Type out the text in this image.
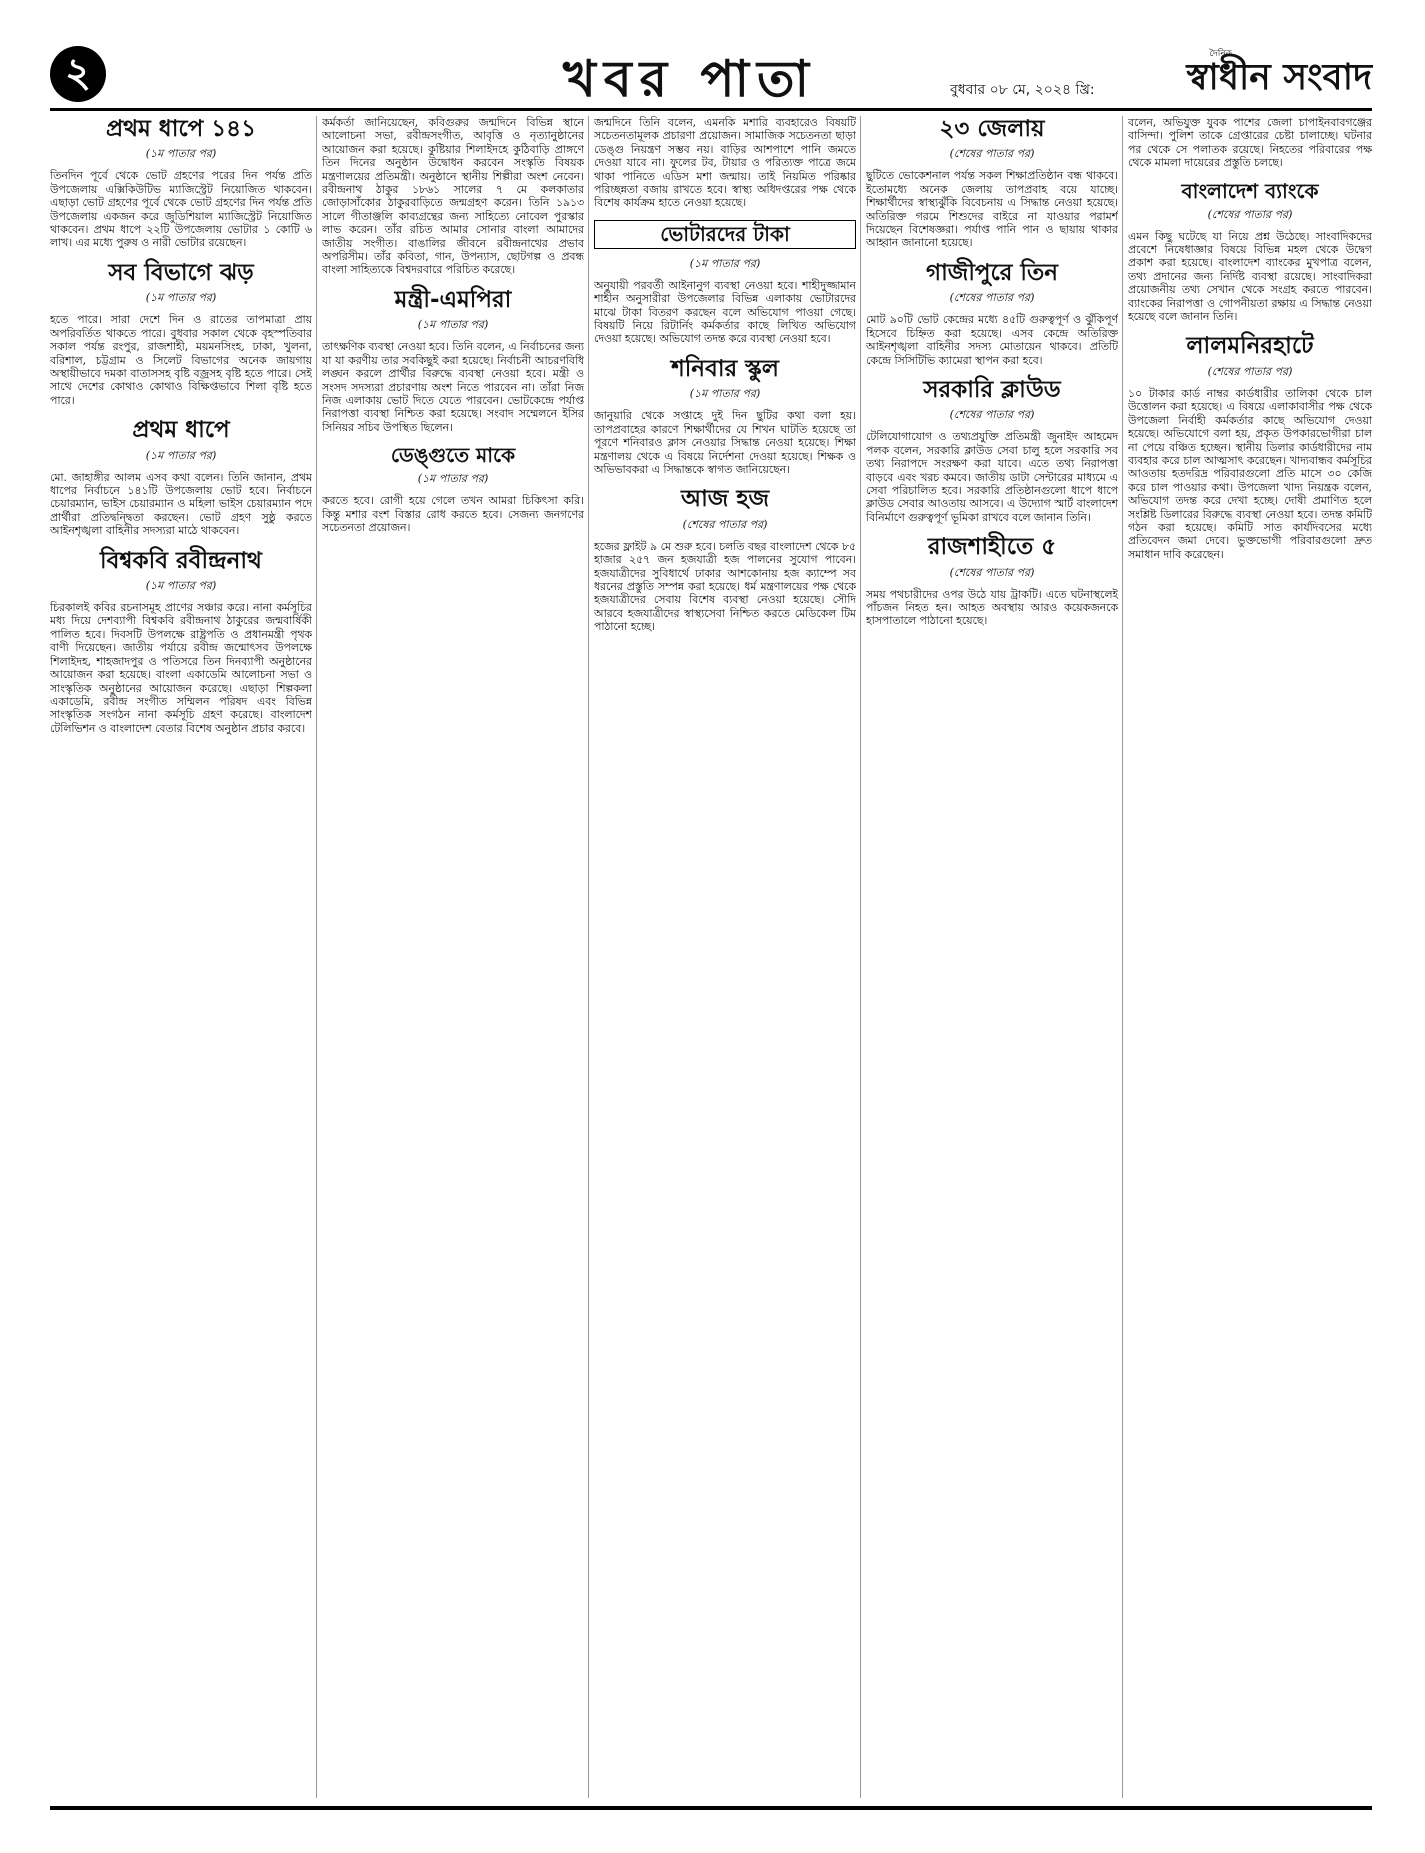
২	খবর পাতা	বুধবার ০৮ মে, ২০২৪ খ্রি:
দৈনিক
স্বাধীন সংবাদ
প্রথম ধাপে ১৪১
(১ম পাতার পর)
তিনদিন পূর্বে থেকে ভোট গ্রহণের পরের দিন পর্যন্ত প্রতি উপজেলায় এক্সিকিউটিভ ম্যাজিস্ট্রেট নিয়োজিত থাকবেন। এছাড়া ভোট গ্রহণের পূর্বে থেকে ভোট গ্রহণের দিন পর্যন্ত প্রতি উপজেলায় একজন করে জুডিশিয়াল ম্যাজিস্ট্রেট নিয়োজিত থাকবেন। প্রথম ধাপে ২২টি উপজেলায় ভোটার ১ কোটি ৬ লাখ। এর মধ্যে পুরুষ ও নারী ভোটার রয়েছেন।
সব বিভাগে ঝড়
(১ম পাতার পর)
হতে পারে। সারা দেশে দিন ও রাতের তাপমাত্রা প্রায় অপরিবর্তিত থাকতে পারে। বুধবার সকাল থেকে বৃহস্পতিবার সকাল পর্যন্ত রংপুর, রাজশাহী, ময়মনসিংহ, ঢাকা, খুলনা, বরিশাল, চট্টগ্রাম ও সিলেট বিভাগের অনেক জায়গায় অস্থায়ীভাবে দমকা বাতাসসহ বৃষ্টি বজ্রসহ বৃষ্টি হতে পারে। সেই সাথে দেশের কোথাও কোথাও বিক্ষিপ্তভাবে শিলা বৃষ্টি হতে পারে।
প্রথম ধাপে
(১ম পাতার পর)
মো. জাহাঙ্গীর আলম এসব কথা বলেন। তিনি জানান, প্রথম ধাপের নির্বাচনে ১৪১টি উপজেলায় ভোট হবে। নির্বাচনে চেয়ারম্যান, ভাইস চেয়ারম্যান ও মহিলা ভাইস চেয়ারম্যান পদে প্রার্থীরা প্রতিদ্বন্দ্বিতা করছেন। ভোট গ্রহণ সুষ্ঠু করতে আইনশৃঙ্খলা বাহিনীর সদস্যরা মাঠে থাকবেন।
বিশ্বকবি রবীন্দ্রনাথ
(১ম পাতার পর)
চিরকালই কবির রচনাসমূহ প্রাণের সঞ্চার করে। নানা কর্মসূচির মধ্য দিয়ে দেশব্যাপী বিশ্বকবি রবীন্দ্রনাথ ঠাকুরের জন্মবার্ষিকী পালিত হবে। দিবসটি উপলক্ষে রাষ্ট্রপতি ও প্রধানমন্ত্রী পৃথক বাণী দিয়েছেন। জাতীয় পর্যায়ে রবীন্দ্র জন্মোৎসব উপলক্ষে শিলাইদহ, শাহজাদপুর ও পতিসরে তিন দিনব্যাপী অনুষ্ঠানের আয়োজন করা হয়েছে। বাংলা একাডেমি আলোচনা সভা ও সাংস্কৃতিক অনুষ্ঠানের আয়োজন করেছে। এছাড়া শিল্পকলা একাডেমি, রবীন্দ্র সংগীত সম্মিলন পরিষদ এবং বিভিন্ন সাংস্কৃতিক সংগঠন নানা কর্মসূচি গ্রহণ করেছে। বাংলাদেশ টেলিভিশন ও বাংলাদেশ বেতার বিশেষ অনুষ্ঠান প্রচার করবে।
কর্মকর্তা জানিয়েছেন, কবিগুরুর জন্মদিনে বিভিন্ন স্থানে আলোচনা সভা, রবীন্দ্রসংগীত, আবৃত্তি ও নৃত্যানুষ্ঠানের আয়োজন করা হয়েছে। কুষ্টিয়ার শিলাইদহে কুঠিবাড়ি প্রাঙ্গণে তিন দিনের অনুষ্ঠান উদ্বোধন করবেন সংস্কৃতি বিষয়ক মন্ত্রণালয়ের প্রতিমন্ত্রী। অনুষ্ঠানে স্থানীয় শিল্পীরা অংশ নেবেন। রবীন্দ্রনাথ ঠাকুর ১৮৬১ সালের ৭ মে কলকাতার জোড়াসাঁকোর ঠাকুরবাড়িতে জন্মগ্রহণ করেন। তিনি ১৯১৩ সালে গীতাঞ্জলি কাব্যগ্রন্থের জন্য সাহিত্যে নোবেল পুরস্কার লাভ করেন। তাঁর রচিত আমার সোনার বাংলা আমাদের জাতীয় সংগীত। বাঙালির জীবনে রবীন্দ্রনাথের প্রভাব অপরিসীম। তাঁর কবিতা, গান, উপন্যাস, ছোটগল্প ও প্রবন্ধ বাংলা সাহিত্যকে বিশ্বদরবারে পরিচিত করেছে।
মন্ত্রী-এমপিরা
(১ম পাতার পর)
তাৎক্ষণিক ব্যবস্থা নেওয়া হবে। তিনি বলেন, এ নির্বাচনের জন্য যা যা করণীয় তার সবকিছুই করা হয়েছে। নির্বাচনী আচরণবিধি লঙ্ঘন করলে প্রার্থীর বিরুদ্ধে ব্যবস্থা নেওয়া হবে। মন্ত্রী ও সংসদ সদস্যরা প্রচারণায় অংশ নিতে পারবেন না। তাঁরা নিজ নিজ এলাকায় ভোট দিতে যেতে পারবেন। ভোটকেন্দ্রে পর্যাপ্ত নিরাপত্তা ব্যবস্থা নিশ্চিত করা হয়েছে। সংবাদ সম্মেলনে ইসির সিনিয়র সচিব উপস্থিত ছিলেন।
ডেঙ্গুতে মাকে
(১ম পাতার পর)
করতে হবে। রোগী হয়ে গেলে তখন আমরা চিকিৎসা করি। কিন্তু মশার বংশ বিস্তার রোধ করতে হবে। সেজন্য জনগণের সচেতনতা প্রয়োজন।
জন্মদিনে তিনি বলেন, এমনকি মশারি ব্যবহারেও বিষয়টি সচেতনতামূলক প্রচারণা প্রয়োজন। সামাজিক সচেতনতা ছাড়া ডেঙ্গু নিয়ন্ত্রণ সম্ভব নয়। বাড়ির আশপাশে পানি জমতে দেওয়া যাবে না। ফুলের টব, টায়ার ও পরিত্যক্ত পাত্রে জমে থাকা পানিতে এডিস মশা জন্মায়। তাই নিয়মিত পরিষ্কার পরিচ্ছন্নতা বজায় রাখতে হবে। স্বাস্থ্য অধিদপ্তরের পক্ষ থেকে বিশেষ কার্যক্রম হাতে নেওয়া হয়েছে।
ভোটারদের টাকা
(১ম পাতার পর)
অনুযায়ী পরবর্তী আইনানুগ ব্যবস্থা নেওয়া হবে। শাহীদুজ্জামান শাহীন অনুসারীরা উপজেলার বিভিন্ন এলাকায় ভোটারদের মাঝে টাকা বিতরণ করছেন বলে অভিযোগ পাওয়া গেছে। বিষয়টি নিয়ে রিটার্নিং কর্মকর্তার কাছে লিখিত অভিযোগ দেওয়া হয়েছে। অভিযোগ তদন্ত করে ব্যবস্থা নেওয়া হবে।
শনিবার স্কুল
(১ম পাতার পর)
জানুয়ারি থেকে সপ্তাহে দুই দিন ছুটির কথা বলা হয়। তাপপ্রবাহের কারণে শিক্ষার্থীদের যে শিখন ঘাটতি হয়েছে তা পূরণে শনিবারও ক্লাস নেওয়ার সিদ্ধান্ত নেওয়া হয়েছে। শিক্ষা মন্ত্রণালয় থেকে এ বিষয়ে নির্দেশনা দেওয়া হয়েছে। শিক্ষক ও অভিভাবকরা এ সিদ্ধান্তকে স্বাগত জানিয়েছেন।
আজ হজ
(শেষের পাতার পর)
হজের ফ্লাইট ৯ মে শুরু হবে। চলতি বছর বাংলাদেশ থেকে ৮৫ হাজার ২৫৭ জন হজযাত্রী হজ পালনের সুযোগ পাবেন। হজযাত্রীদের সুবিধার্থে ঢাকার আশকোনায় হজ ক্যাম্পে সব ধরনের প্রস্তুতি সম্পন্ন করা হয়েছে। ধর্ম মন্ত্রণালয়ের পক্ষ থেকে হজযাত্রীদের সেবায় বিশেষ ব্যবস্থা নেওয়া হয়েছে। সৌদি আরবে হজযাত্রীদের স্বাস্থ্যসেবা নিশ্চিত করতে মেডিকেল টিম পাঠানো হচ্ছে।
২৩ জেলায়
(শেষের পাতার পর)
ছুটিতে ভোকেশনাল পর্যন্ত সকল শিক্ষাপ্রতিষ্ঠান বন্ধ থাকবে। ইতোমধ্যে অনেক জেলায় তাপপ্রবাহ বয়ে যাচ্ছে। শিক্ষার্থীদের স্বাস্থ্যঝুঁকি বিবেচনায় এ সিদ্ধান্ত নেওয়া হয়েছে। অতিরিক্ত গরমে শিশুদের বাইরে না যাওয়ার পরামর্শ দিয়েছেন বিশেষজ্ঞরা। পর্যাপ্ত পানি পান ও ছায়ায় থাকার আহ্বান জানানো হয়েছে।
গাজীপুরে তিন
(শেষের পাতার পর)
মোট ৯০টি ভোট কেন্দ্রের মধ্যে ৪৫টি গুরুত্বপূর্ণ ও ঝুঁকিপূর্ণ হিসেবে চিহ্নিত করা হয়েছে। এসব কেন্দ্রে অতিরিক্ত আইনশৃঙ্খলা বাহিনীর সদস্য মোতায়েন থাকবে। প্রতিটি কেন্দ্রে সিসিটিভি ক্যামেরা স্থাপন করা হবে।
সরকারি ক্লাউড
(শেষের পাতার পর)
টেলিযোগাযোগ ও তথ্যপ্রযুক্তি প্রতিমন্ত্রী জুনাইদ আহমেদ পলক বলেন, সরকারি ক্লাউড সেবা চালু হলে সরকারি সব তথ্য নিরাপদে সংরক্ষণ করা যাবে। এতে তথ্য নিরাপত্তা বাড়বে এবং খরচ কমবে। জাতীয় ডাটা সেন্টারের মাধ্যমে এ সেবা পরিচালিত হবে। সরকারি প্রতিষ্ঠানগুলো ধাপে ধাপে ক্লাউড সেবার আওতায় আসবে। এ উদ্যোগ স্মার্ট বাংলাদেশ বিনির্মাণে গুরুত্বপূর্ণ ভূমিকা রাখবে বলে জানান তিনি।
রাজশাহীতে ৫
(শেষের পাতার পর)
সময় পথচারীদের ওপর উঠে যায় ট্রাকটি। এতে ঘটনাস্থলেই পাঁচজন নিহত হন। আহত অবস্থায় আরও কয়েকজনকে হাসপাতালে পাঠানো হয়েছে।
বলেন, অভিযুক্ত যুবক পাশের জেলা চাপাইনবাবগঞ্জের বাসিন্দা। পুলিশ তাকে গ্রেপ্তারের চেষ্টা চালাচ্ছে। ঘটনার পর থেকে সে পলাতক রয়েছে। নিহতের পরিবারের পক্ষ থেকে মামলা দায়েরের প্রস্তুতি চলছে।
বাংলাদেশ ব্যাংকে
(শেষের পাতার পর)
এমন কিছু ঘটেছে যা নিয়ে প্রশ্ন উঠেছে। সাংবাদিকদের প্রবেশে নিষেধাজ্ঞার বিষয়ে বিভিন্ন মহল থেকে উদ্বেগ প্রকাশ করা হয়েছে। বাংলাদেশ ব্যাংকের মুখপাত্র বলেন, তথ্য প্রদানের জন্য নির্দিষ্ট ব্যবস্থা রয়েছে। সাংবাদিকরা প্রয়োজনীয় তথ্য সেখান থেকে সংগ্রহ করতে পারবেন। ব্যাংকের নিরাপত্তা ও গোপনীয়তা রক্ষায় এ সিদ্ধান্ত নেওয়া হয়েছে বলে জানান তিনি।
লালমনিরহাটে
(শেষের পাতার পর)
১০ টাকার কার্ড নাম্বর কার্ডধারীর তালিকা থেকে চাল উত্তোলন করা হয়েছে। এ বিষয়ে এলাকাবাসীর পক্ষ থেকে উপজেলা নির্বাহী কর্মকর্তার কাছে অভিযোগ দেওয়া হয়েছে। অভিযোগে বলা হয়, প্রকৃত উপকারভোগীরা চাল না পেয়ে বঞ্চিত হচ্ছেন। স্থানীয় ডিলার কার্ডধারীদের নাম ব্যবহার করে চাল আত্মসাৎ করেছেন। খাদ্যবান্ধব কর্মসূচির আওতায় হতদরিদ্র পরিবারগুলো প্রতি মাসে ৩০ কেজি করে চাল পাওয়ার কথা। উপজেলা খাদ্য নিয়ন্ত্রক বলেন, অভিযোগ তদন্ত করে দেখা হচ্ছে। দোষী প্রমাণিত হলে সংশ্লিষ্ট ডিলারের বিরুদ্ধে ব্যবস্থা নেওয়া হবে। তদন্ত কমিটি গঠন করা হয়েছে। কমিটি সাত কার্যদিবসের মধ্যে প্রতিবেদন জমা দেবে। ভুক্তভোগী পরিবারগুলো দ্রুত সমাধান দাবি করেছেন।
